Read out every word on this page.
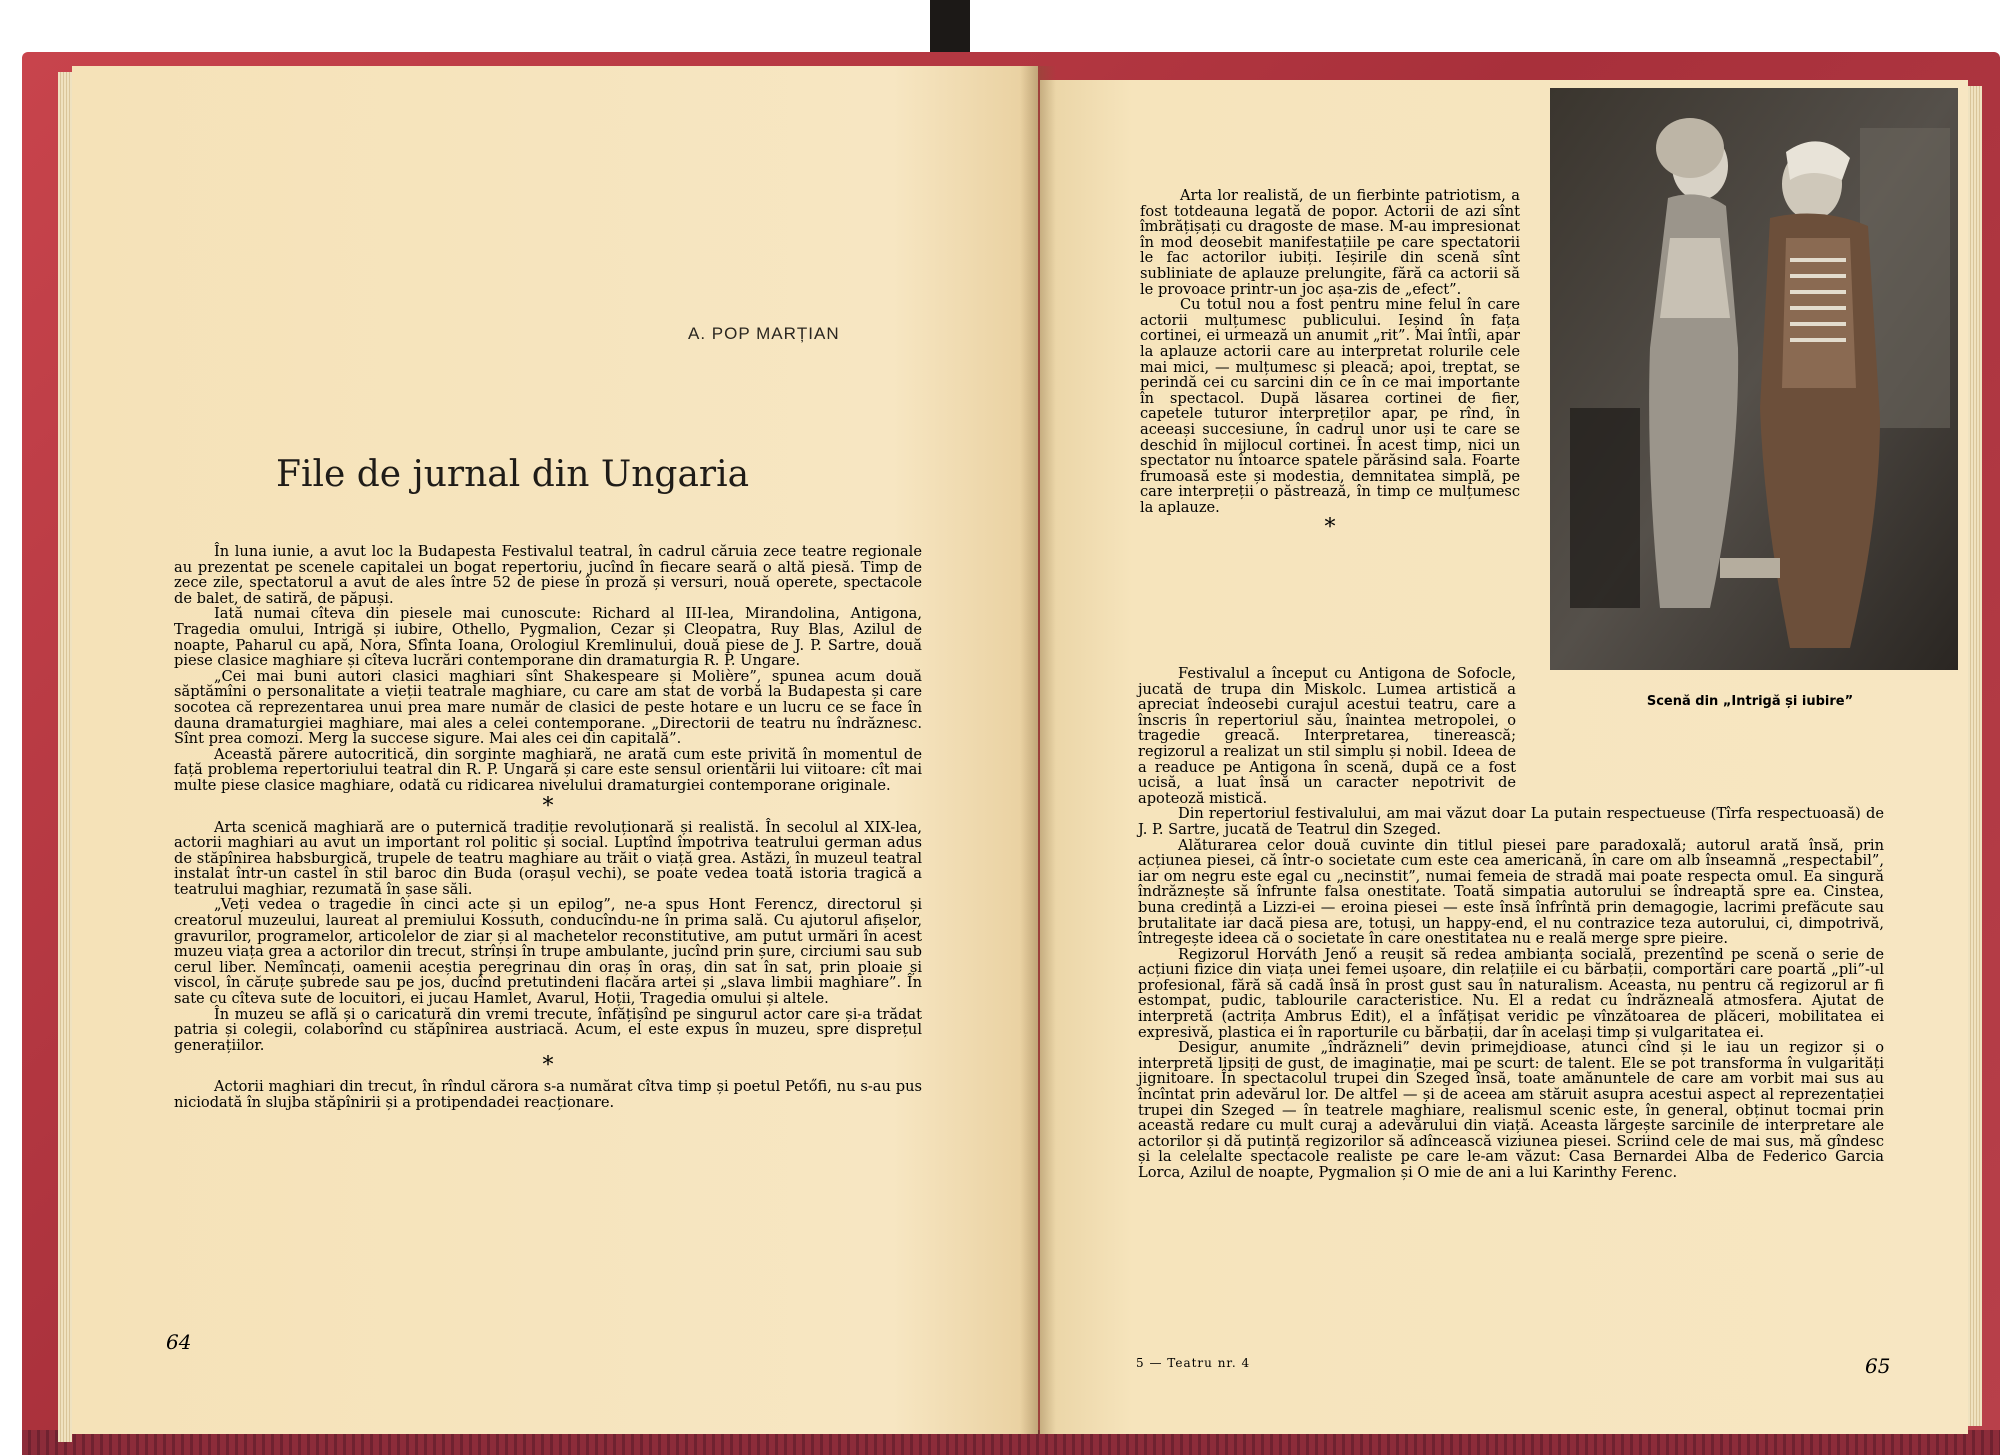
A. POP MARȚIAN
File de jurnal din Ungaria

În luna iunie, a avut loc la Budapesta Festivalul teatral, în cadrul căruia zece teatre regionale au prezentat pe scenele capitalei un bogat repertoriu, jucînd în fiecare seară o altă piesă. Timp de zece zile, spectatorul a avut de ales între 52 de piese în proză și versuri, nouă operete, spectacole de balet, de satiră, de păpuși.

Iată numai cîteva din piesele mai cunoscute: Richard al III-lea, Mirandolina, Antigona, Tragedia omului, Intrigă și iubire, Othello, Pygmalion, Cezar și Cleopatra, Ruy Blas, Azilul de noapte, Paharul cu apă, Nora, Sfînta Ioana, Orologiul Kremlinului, două piese de J. P. Sartre, două piese clasice maghiare și cîteva lucrări contemporane din dramaturgia R. P. Ungare.

„Cei mai buni autori clasici maghiari sînt Shakespeare și Molière”, spunea acum două săptămîni o personalitate a vieții teatrale maghiare, cu care am stat de vorbă la Budapesta și care socotea că reprezentarea unui prea mare număr de clasici de peste hotare e un lucru ce se face în dauna dramaturgiei maghiare, mai ales a celei contemporane. „Directorii de teatru nu îndrăznesc. Sînt prea comozi. Merg la succese sigure. Mai ales cei din capitală”.

Această părere autocritică, din sorginte maghiară, ne arată cum este privită în momentul de față problema repertoriului teatral din R. P. Ungară și care este sensul orientării lui viitoare: cît mai multe piese clasice maghiare, odată cu ridicarea nivelului dramaturgiei contemporane originale.

*

Arta scenică maghiară are o puternică tradiție revoluționară și realistă. În secolul al XIX-lea, actorii maghiari au avut un important rol politic și social. Luptînd împotriva teatrului german adus de stăpînirea habsburgică, trupele de teatru maghiare au trăit o viață grea. Astăzi, în muzeul teatral instalat într-un castel în stil baroc din Buda (orașul vechi), se poate vedea toată istoria tragică a teatrului maghiar, rezumată în șase săli.

„Veți vedea o tragedie în cinci acte și un epilog”, ne-a spus Hont Ferencz, directorul și creatorul muzeului, laureat al premiului Kossuth, conducîndu-ne în prima sală. Cu ajutorul afișelor, gravurilor, programelor, articolelor de ziar și al machetelor reconstitutive, am putut urmări în acest muzeu viața grea a actorilor din trecut, strînși în trupe ambulante, jucînd prin șure, circiumi sau sub cerul liber. Nemîncați, oamenii aceștia peregrinau din oraș în oraș, din sat în sat, prin ploaie și viscol, în căruțe șubrede sau pe jos, ducînd pretutindeni flacăra artei și „slava limbii maghiare”. În sate cu cîteva sute de locuitori, ei jucau Hamlet, Avarul, Hoții, Tragedia omului și altele.

În muzeu se află și o caricatură din vremi trecute, înfățișînd pe singurul actor care și-a trădat patria și colegii, colaborînd cu stăpînirea austriacă. Acum, el este expus în muzeu, spre disprețul generațiilor.

*

Actorii maghiari din trecut, în rîndul cărora s-a numărat cîtva timp și poetul Petőfi, nu s-au pus niciodată în slujba stăpînirii și a protipendadei reacționare.

64

Arta lor realistă, de un fierbinte patriotism, a fost totdeauna legată de popor. Actorii de azi sînt îmbrățișați cu dragoste de mase. M-au impresionat în mod deosebit manifestațiile pe care spectatorii le fac actorilor iubiți. Ieșirile din scenă sînt subliniate de aplauze prelungite, fără ca actorii să le provoace printr-un joc așa-zis de „efect”.

Cu totul nou a fost pentru mine felul în care actorii mulțumesc publicului. Ieșind în fața cortinei, ei urmează un anumit „rit”. Mai întîi, apar la aplauze actorii care au interpretat rolurile cele mai mici, — mulțumesc și pleacă; apoi, treptat, se perindă cei cu sarcini din ce în ce mai importante în spectacol. După lăsarea cortinei de fier, capetele tuturor interpreților apar, pe rînd, în aceeași succesiune, în cadrul unor uși te care se deschid în mijlocul cortinei. În acest timp, nici un spectator nu întoarce spatele părăsind sala. Foarte frumoasă este și modestia, demnitatea simplă, pe care interpreții o păstrează, în timp ce mulțumesc la aplauze.

*

Festivalul a început cu Antigona de Sofocle, jucată de trupa din Miskolc. Lumea artistică a apreciat îndeosebi curajul acestui teatru, care a înscris în repertoriul său, înaintea metropolei, o tragedie greacă. Interpretarea, tinerească; regizorul a realizat un stil simplu și nobil. Ideea de a readuce pe Antigona în scenă, după ce a fost ucisă, a luat însă un caracter nepotrivit de apoteoză mistică.

Din repertoriul festivalului, am mai văzut doar La putain respectueuse (Tîrfa respectuoasă) de J. P. Sartre, jucată de Teatrul din Szeged.

Alăturarea celor două cuvinte din titlul piesei pare paradoxală; autorul arată însă, prin acțiunea piesei, că într-o societate cum este cea americană, în care om alb înseamnă „respectabil”, iar om negru este egal cu „necinstit”, numai femeia de stradă mai poate respecta omul. Ea singură îndrăznește să înfrunte falsa onestitate. Toată simpatia autorului se îndreaptă spre ea. Cinstea, buna credință a Lizzi-ei — eroina piesei — este însă înfrîntă prin demagogie, lacrimi prefăcute sau brutalitate iar dacă piesa are, totuși, un happy-end, el nu contrazice teza autorului, ci, dimpotrivă, întregește ideea că o societate în care onestitatea nu e reală merge spre pieire.

Regizorul Horváth Jenő a reușit să redea ambianța socială, prezentînd pe scenă o serie de acțiuni fizice din viața unei femei ușoare, din relațiile ei cu bărbații, comportări care poartă „pli”-ul profesional, fără să cadă însă în prost gust sau în naturalism. Aceasta, nu pentru că regizorul ar fi estompat, pudic, tablourile caracteristice. Nu. El a redat cu îndrăzneală atmosfera. Ajutat de interpretă (actrița Ambrus Edit), el a înfățișat veridic pe vînzătoarea de plăceri, mobilitatea ei expresivă, plastica ei în raporturile cu bărbații, dar în același timp și vulgaritatea ei.

Desigur, anumite „îndrăzneli” devin primejdioase, atunci cînd și le iau un regizor și o interpretă lipsiți de gust, de imaginație, mai pe scurt: de talent. Ele se pot transforma în vulgarități jignitoare. În spectacolul trupei din Szeged însă, toate amănuntele de care am vorbit mai sus au încîntat prin adevărul lor. De altfel — și de aceea am stăruit asupra acestui aspect al reprezentației trupei din Szeged — în teatrele maghiare, realismul scenic este, în general, obținut tocmai prin această redare cu mult curaj a adevărului din viață. Aceasta lărgește sarcinile de interpretare ale actorilor și dă putință regizorilor să adîncească viziunea piesei. Scriind cele de mai sus, mă gîndesc și la celelalte spectacole realiste pe care le-am văzut: Casa Bernardei Alba de Federico Garcia Lorca, Azilul de noapte, Pygmalion și O mie de ani a lui Karinthy Ferenc.

Scenă din „Intrigă și iubire”
5 — Teatru nr. 4	65
